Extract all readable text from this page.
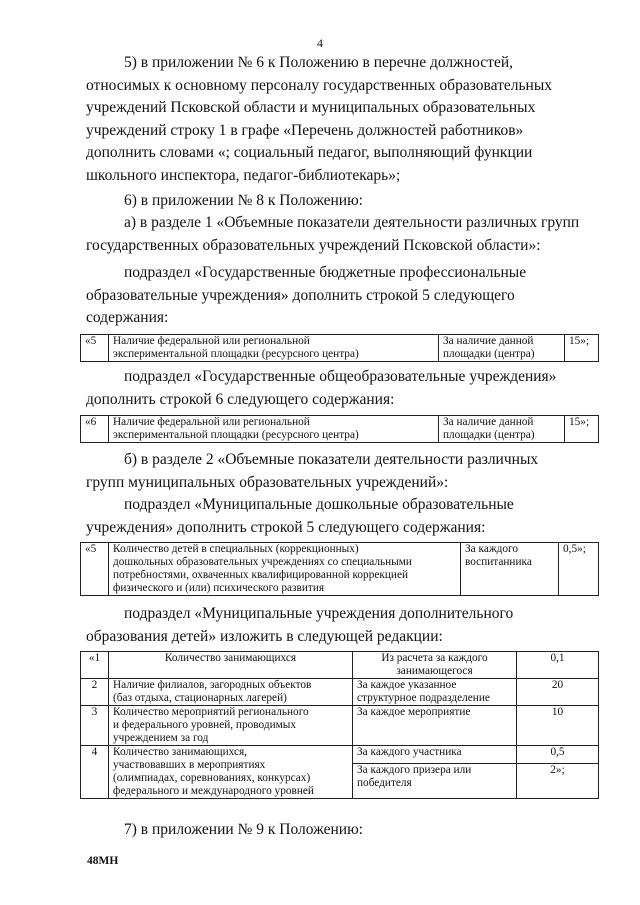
4

5) в приложении № 6 к Положению в перечне должностей,
относимых к основному персоналу государственных образовательных
учреждений Псковской области и муниципальных образовательных
учреждений строку 1 в графе «Перечень должностей работников»
дополнить словами «; социальный педагог, выполняющий функции
школьного инспектора, педагог-библиотекарь»;

6) в приложении № 8 к Положению:

а) в разделе 1 «Объемные показатели деятельности различных групп
государственных образовательных учреждений Псковской области»:

подраздел «Государственные бюджетные профессиональные
образовательные учреждения» дополнить строкой 5 следующего
содержания:

«5	Наличие федеральной или региональной
экспериментальной площадки (ресурсного центра)	За наличие данной
площадки (центра)	15»;

подраздел «Государственные общеобразовательные учреждения»
дополнить строкой 6 следующего содержания:

«6	Наличие федеральной или региональной
экспериментальной площадки (ресурсного центра)	За наличие данной
площадки (центра)	15»;

б) в разделе 2 «Объемные показатели деятельности различных
групп муниципальных образовательных учреждений»:

подраздел «Муниципальные дошкольные образовательные
учреждения» дополнить строкой 5 следующего содержания:

«5	Количество детей в специальных (коррекционных)
дошкольных образовательных учреждениях со специальными
потребностями, охваченных квалифицированной коррекцией
физического и (или) психического развития	За каждого
воспитанника	0,5»;

подраздел «Муниципальные учреждения дополнительного
образования детей» изложить в следующей редакции:

«1	Количество занимающихся	Из расчета за каждого
занимающегося	0,1
2	Наличие филиалов, загородных объектов
(баз отдыха, стационарных лагерей)	За каждое указанное
структурное подразделение	20
3	Количество мероприятий регионального
и федерального уровней, проводимых
учреждением за год	За каждое мероприятие	10
4	Количество занимающихся,
участвовавших в мероприятиях
(олимпиадах, соревнованиях, конкурсах)
федерального и международного уровней	За каждого участника	0,5
		За каждого призера или
победителя	2»;

7) в приложении № 9 к Положению:

48МН
